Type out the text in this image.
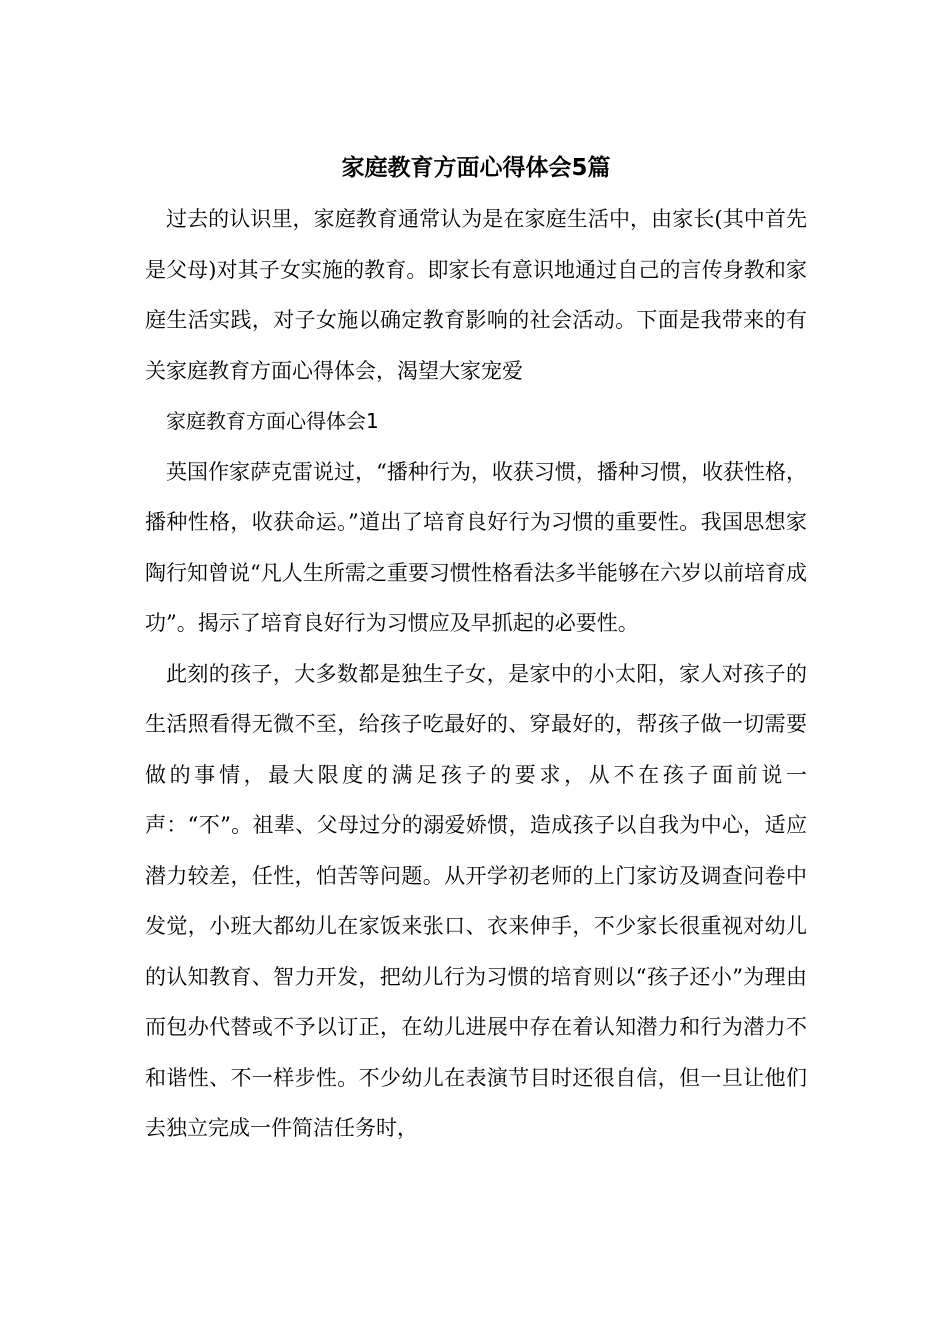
家庭教育方面心得体会5篇

过去的认识里，家庭教育通常认为是在家庭生活中，由家长(其中首先是父母)对其子女实施的教育。即家长有意识地通过自己的言传身教和家庭生活实践，对子女施以确定教育影响的社会活动。下面是我带来的有关家庭教育方面心得体会，渴望大家宠爱

家庭教育方面心得体会1

英国作家萨克雷说过，“播种行为，收获习惯，播种习惯，收获性格，播种性格，收获命运。”道出了培育良好行为习惯的重要性。我国思想家陶行知曾说“凡人生所需之重要习惯性格看法多半能够在六岁以前培育成功”。揭示了培育良好行为习惯应及早抓起的必要性。

此刻的孩子，大多数都是独生子女，是家中的小太阳，家人对孩子的生活照看得无微不至，给孩子吃最好的、穿最好的，帮孩子做一切需要做的事情，最大限度的满足孩子的要求，从不在孩子面前说一声：“不”。祖辈、父母过分的溺爱娇惯，造成孩子以自我为中心，适应潜力较差，任性，怕苦等问题。从开学初老师的上门家访及调查问卷中发觉，小班大都幼儿在家饭来张口、衣来伸手，不少家长很重视对幼儿的认知教育、智力开发，把幼儿行为习惯的培育则以“孩子还小”为理由而包办代替或不予以订正，在幼儿进展中存在着认知潜力和行为潜力不和谐性、不一样步性。不少幼儿在表演节目时还很自信，但一旦让他们去独立完成一件简洁任务时，
